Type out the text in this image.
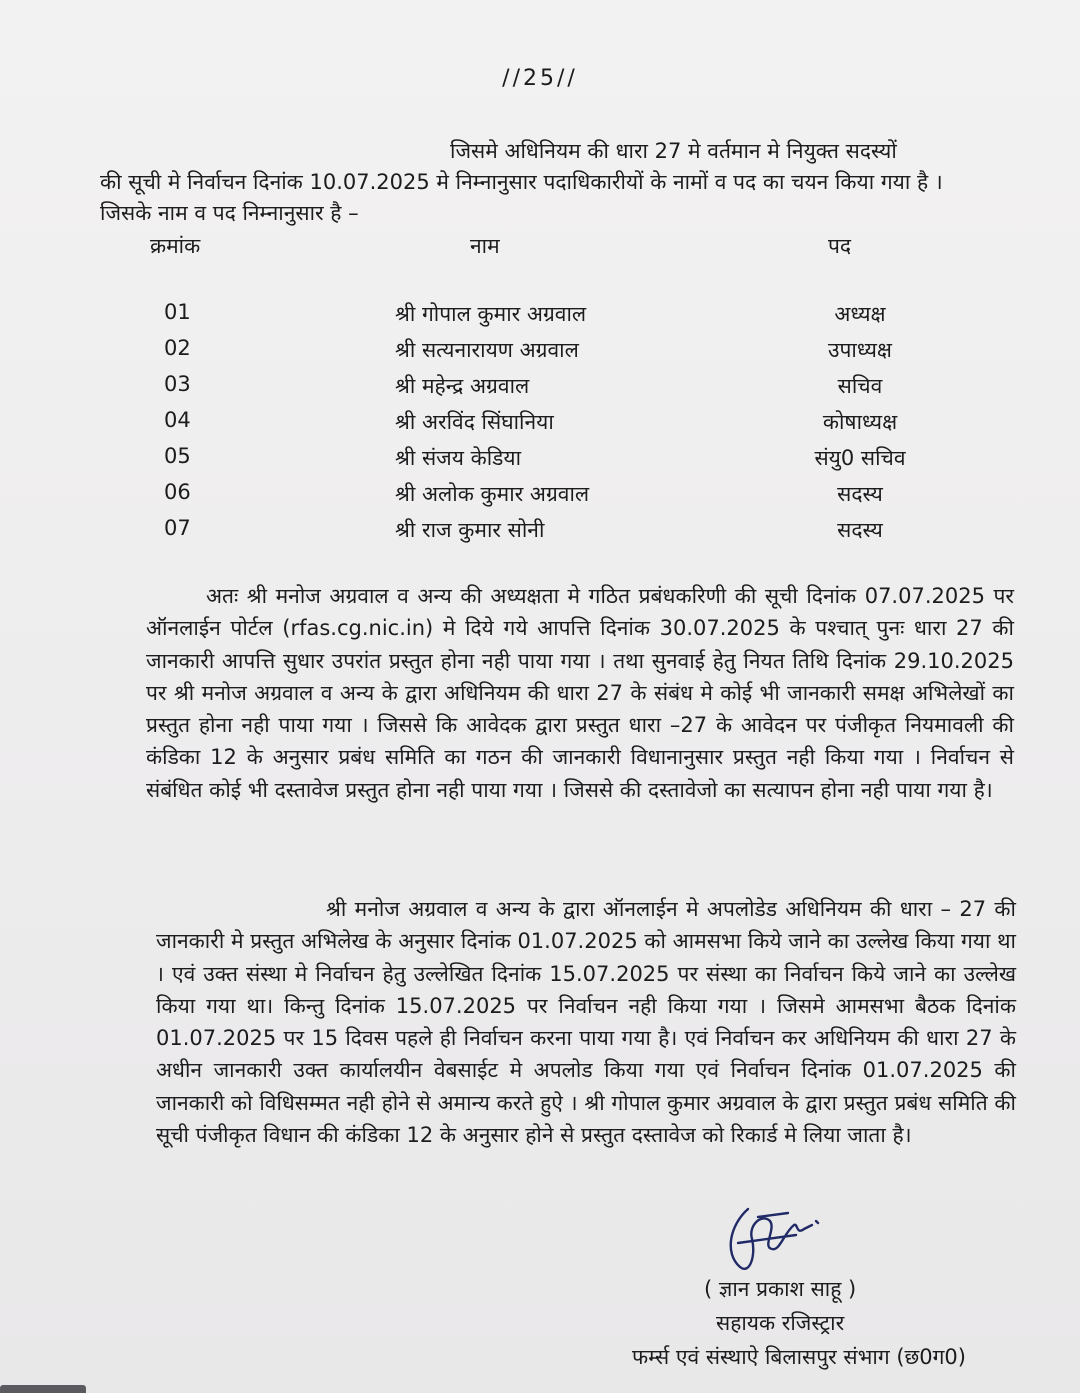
//25//

जिसमे अधिनियम की धारा 27 मे वर्तमान मे नियुक्त सदस्यों
की सूची मे निर्वाचन दिनांक 10.07.2025 मे निम्नानुसार पदाधिकारीयों के नामों व पद का चयन किया गया है । जिसके नाम व पद निम्नानुसार है –

क्रमांक	नाम	पद
01	श्री गोपाल कुमार अग्रवाल	अध्यक्ष
02	श्री सत्यनारायण अग्रवाल	उपाध्यक्ष
03	श्री महेन्द्र अग्रवाल	सचिव
04	श्री अरविंद सिंघानिया	कोषाध्यक्ष
05	श्री संजय केडिया	संयु0 सचिव
06	श्री अलोक कुमार अग्रवाल	सदस्य
07	श्री राज कुमार सोनी	सदस्य

अतः श्री मनोज अग्रवाल व अन्य की अध्यक्षता मे गठित प्रबंधकरिणी की सूची दिनांक 07.07.2025 पर ऑनलाईन पोर्टल (rfas.cg.nic.in) मे दिये गये आपत्ति दिनांक 30.07.2025 के पश्चात् पुनः धारा 27 की जानकारी आपत्ति सुधार उपरांत प्रस्तुत होना नही पाया गया । तथा सुनवाई हेतु नियत तिथि दिनांक 29.10.2025 पर श्री मनोज अग्रवाल व अन्य के द्वारा अधिनियम की धारा 27 के संबंध मे कोई भी जानकारी समक्ष अभिलेखों का प्रस्तुत होना नही पाया गया । जिससे कि आवेदक द्वारा प्रस्तुत धारा –27 के आवेदन पर पंजीकृत नियमावली की कंडिका 12 के अनुसार प्रबंध समिति का गठन की जानकारी विधानानुसार प्रस्तुत नही किया गया । निर्वाचन से संबंधित कोई भी दस्तावेज प्रस्तुत होना नही पाया गया । जिससे की दस्तावेजो का सत्यापन होना नही पाया गया है।

श्री मनोज अग्रवाल व अन्य के द्वारा ऑनलाईन मे अपलोडेड अधिनियम की धारा – 27 की जानकारी मे प्रस्तुत अभिलेख के अनुसार दिनांक 01.07.2025 को आमसभा किये जाने का उल्लेख किया गया था । एवं उक्त संस्था मे निर्वाचन हेतु उल्लेखित दिनांक 15.07.2025 पर संस्था का निर्वाचन किये जाने का उल्लेख किया गया था। किन्तु दिनांक 15.07.2025 पर निर्वाचन नही किया गया । जिसमे आमसभा बैठक दिनांक 01.07.2025 पर 15 दिवस पहले ही निर्वाचन करना पाया गया है। एवं निर्वाचन कर अधिनियम की धारा 27 के अधीन जानकारी उक्त कार्यालयीन वेबसाईट मे अपलोड किया गया एवं निर्वाचन दिनांक 01.07.2025 की जानकारी को विधिसम्मत नही होने से अमान्य करते हुऐ । श्री गोपाल कुमार अग्रवाल के द्वारा प्रस्तुत प्रबंध समिति की सूची पंजीकृत विधान की कंडिका 12 के अनुसार होने से प्रस्तुत दस्तावेज को रिकार्ड मे लिया जाता है।

( ज्ञान प्रकाश साहू )
सहायक रजिस्ट्रार
फर्म्स एवं संस्थाऐ बिलासपुर संभाग (छ0ग0)
